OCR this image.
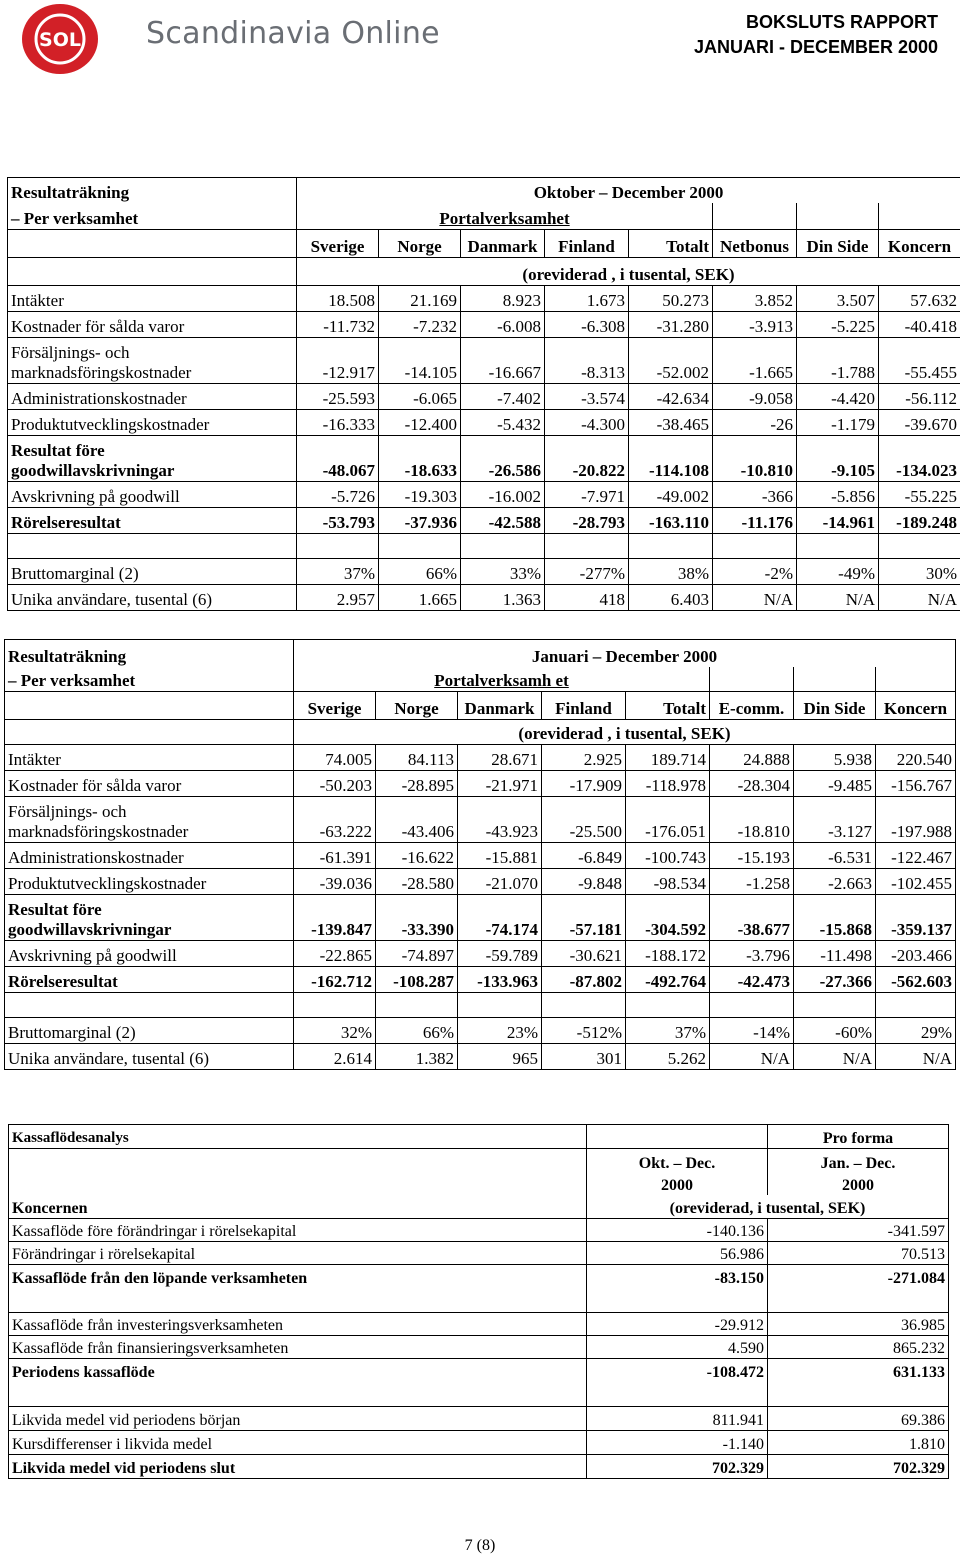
SOL Scandinavia Online	BOKSLUTS RAPPORT
JANUARI - DECEMBER 2000
Resultaträkning	Oktober – December 2000							
– Per verksamhet	Portalverksamhet							
	Sverige	Norge	Danmark	Finland	Totalt	Netbonus	Din Side	Koncern
	(oreviderad , i tusental, SEK)							

Intäkter	18.508	21.169	8.923	1.673	50.273	3.852	3.507	57.632

Kostnader för sålda varor	-11.732	-7.232	-6.008	-6.308	-31.280	-3.913	-5.225	-40.418

Försäljnings- och
marknadsföringskostnader	-12.917	-14.105	-16.667	-8.313	-52.002	-1.665	-1.788	-55.455

Administrationskostnader	-25.593	-6.065	-7.402	-3.574	-42.634	-9.058	-4.420	-56.112

Produktutvecklingskostnader	-16.333	-12.400	-5.432	-4.300	-38.465	-26	-1.179	-39.670

Resultat före
goodwillavskrivningar	-48.067	-18.633	-26.586	-20.822	-114.108	-10.810	-9.105	-134.023

Avskrivning på goodwill	-5.726	-19.303	-16.002	-7.971	-49.002	-366	-5.856	-55.225

Rörelseresultat	-53.793	-37.936	-42.588	-28.793	-163.110	-11.176	-14.961	-189.248

Bruttomarginal (2)	37%	66%	33%	-277%	38%	-2%	-49%	30%

Unika användare, tusental (6)	2.957	1.665	1.363	418	6.403	N/A	N/A	N/A
Resultaträkning	Januari – December 2000							
– Per verksamhet	Portalverksamh et							
	Sverige	Norge	Danmark	Finland	Totalt	E-comm.	Din Side	Koncern
	(oreviderad , i tusental, SEK)							

Intäkter	74.005	84.113	28.671	2.925	189.714	24.888	5.938	220.540

Kostnader för sålda varor	-50.203	-28.895	-21.971	-17.909	-118.978	-28.304	-9.485	-156.767

Försäljnings- och
marknadsföringskostnader	-63.222	-43.406	-43.923	-25.500	-176.051	-18.810	-3.127	-197.988

Administrationskostnader	-61.391	-16.622	-15.881	-6.849	-100.743	-15.193	-6.531	-122.467

Produktutvecklingskostnader	-39.036	-28.580	-21.070	-9.848	-98.534	-1.258	-2.663	-102.455

Resultat före
goodwillavskrivningar	-139.847	-33.390	-74.174	-57.181	-304.592	-38.677	-15.868	-359.137

Avskrivning på goodwill	-22.865	-74.897	-59.789	-30.621	-188.172	-3.796	-11.498	-203.466

Rörelseresultat	-162.712	-108.287	-133.963	-87.802	-492.764	-42.473	-27.366	-562.603

Bruttomarginal (2)	32%	66%	23%	-512%	37%	-14%	-60%	29%

Unika användare, tusental (6)	2.614	1.382	965	301	5.262	N/A	N/A	N/A
Kassaflödesanalys		Pro forma
	Okt. – Dec.	Jan. – Dec.
	2000	2000
Koncernen	(oreviderad, i tusental, SEK)	
Kassaflöde före förändringar i rörelsekapital	-140.136	-341.597
Förändringar i rörelsekapital	56.986	70.513
Kassaflöde från den löpande verksamheten	-83.150	-271.084

Kassaflöde från investeringsverksamheten	-29.912	36.985
Kassaflöde från finansieringsverksamheten	4.590	865.232
Periodens kassaflöde	-108.472	631.133

Likvida medel vid periodens början	811.941	69.386
Kursdifferenser i likvida medel	-1.140	1.810
Likvida medel vid periodens slut	702.329	702.329
7 (8)
